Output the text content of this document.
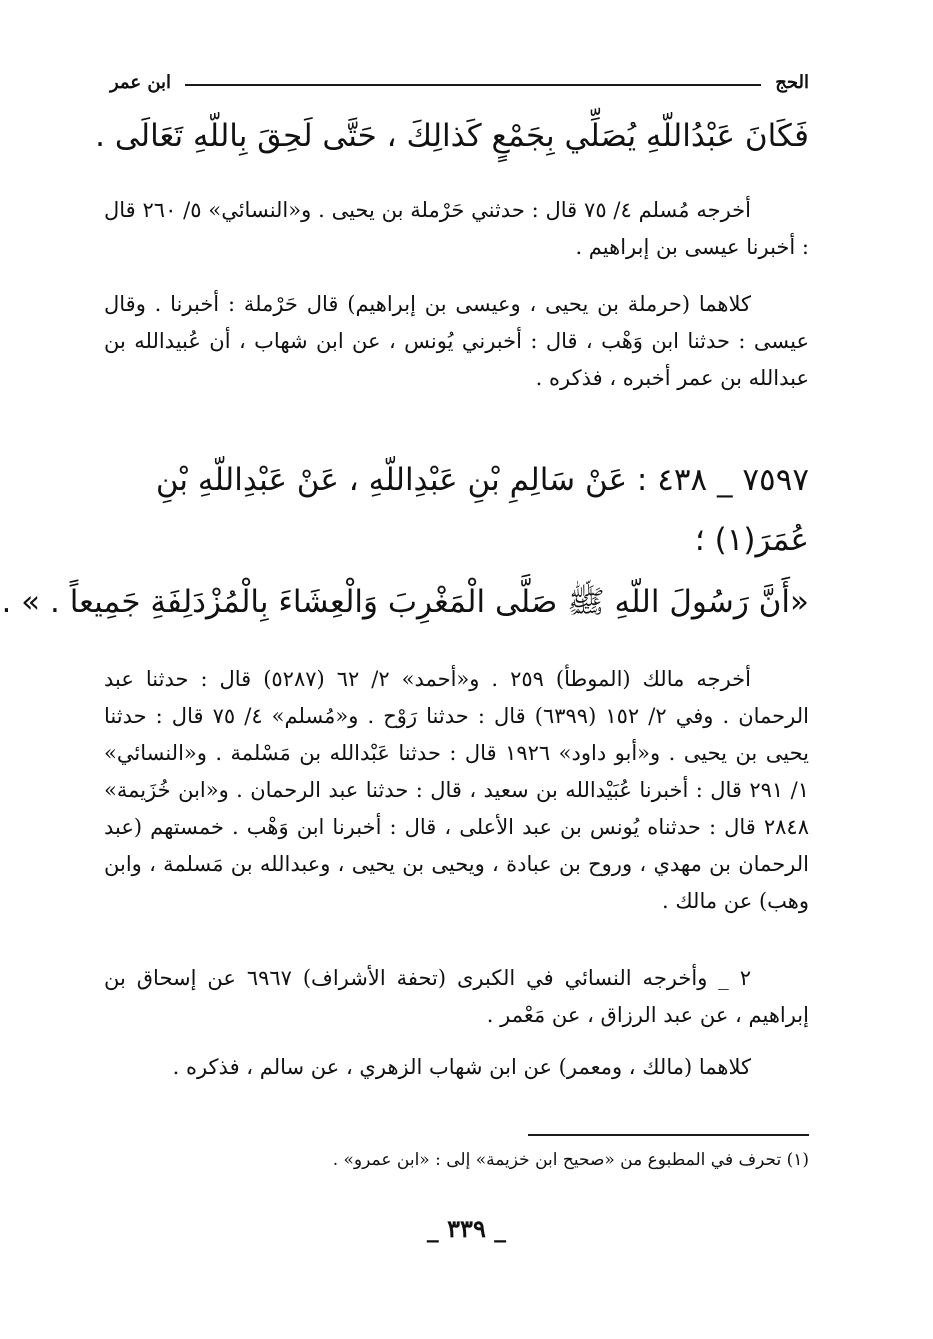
الحج
ابن عمر
فَكَانَ عَبْدُاللّهِ يُصَلِّي بِجَمْعٍ كَذالِكَ ، حَتَّى لَحِقَ بِاللّهِ تَعَالَى .

أخرجه مُسلم ٤/ ٧٥ قال : حدثني حَرْملة بن يحيى . و«النسائي» ٥/ ٢٦٠ قال : أخبرنا عيسى بن إبراهيم .

كلاهما (حرملة بن يحيى ، وعيسى بن إبراهيم) قال حَرْملة : أخبرنا . وقال عيسى : حدثنا ابن وَهْب ، قال : أخبرني يُونس ، عن ابن شهاب ، أن عُبيدالله بن عبدالله بن عمر أخبره ، فذكره .

٧٥٩٧ _ ٤٣٨ : عَنْ سَالِمِ بْنِ عَبْدِاللّهِ ، عَنْ عَبْدِاللّهِ بْنِ
عُمَرَ(١) ؛
«أَنَّ رَسُولَ اللّهِ ﷺ صَلَّى الْمَغْرِبَ وَالْعِشَاءَ بِالْمُزْدَلِفَةِ جَمِيعاً . » .

أخرجه مالك (الموطأ) ٢٥٩ . و«أحمد» ٢/ ٦٢ (٥٢٨٧) قال : حدثنا عبد الرحمان . وفي ٢/ ١٥٢ (٦٣٩٩) قال : حدثنا رَوْح . و«مُسلم» ٤/ ٧٥ قال : حدثنا يحيى بن يحيى . و«أبو داود» ١٩٢٦ قال : حدثنا عَبْدالله بن مَسْلمة . و«النسائي» ١/ ٢٩١ قال : أخبرنا عُبَيْدالله بن سعيد ، قال : حدثنا عبد الرحمان . و«ابن خُزَيمة» ٢٨٤٨ قال : حدثناه يُونس بن عبد الأعلى ، قال : أخبرنا ابن وَهْب . خمستهم (عبد الرحمان بن مهدي ، وروح بن عبادة ، ويحيى بن يحيى ، وعبدالله بن مَسلمة ، وابن وهب) عن مالك .

٢ _ وأخرجه النسائي في الكبرى (تحفة الأشراف) ٦٩٦٧ عن إسحاق بن إبراهيم ، عن عبد الرزاق ، عن مَعْمر .

كلاهما (مالك ، ومعمر) عن ابن شهاب الزهري ، عن سالم ، فذكره .

(١) تحرف في المطبوع من «صحيح ابن خزيمة» إلى : «ابن عمرو» .
_ ٣٣٩ _
